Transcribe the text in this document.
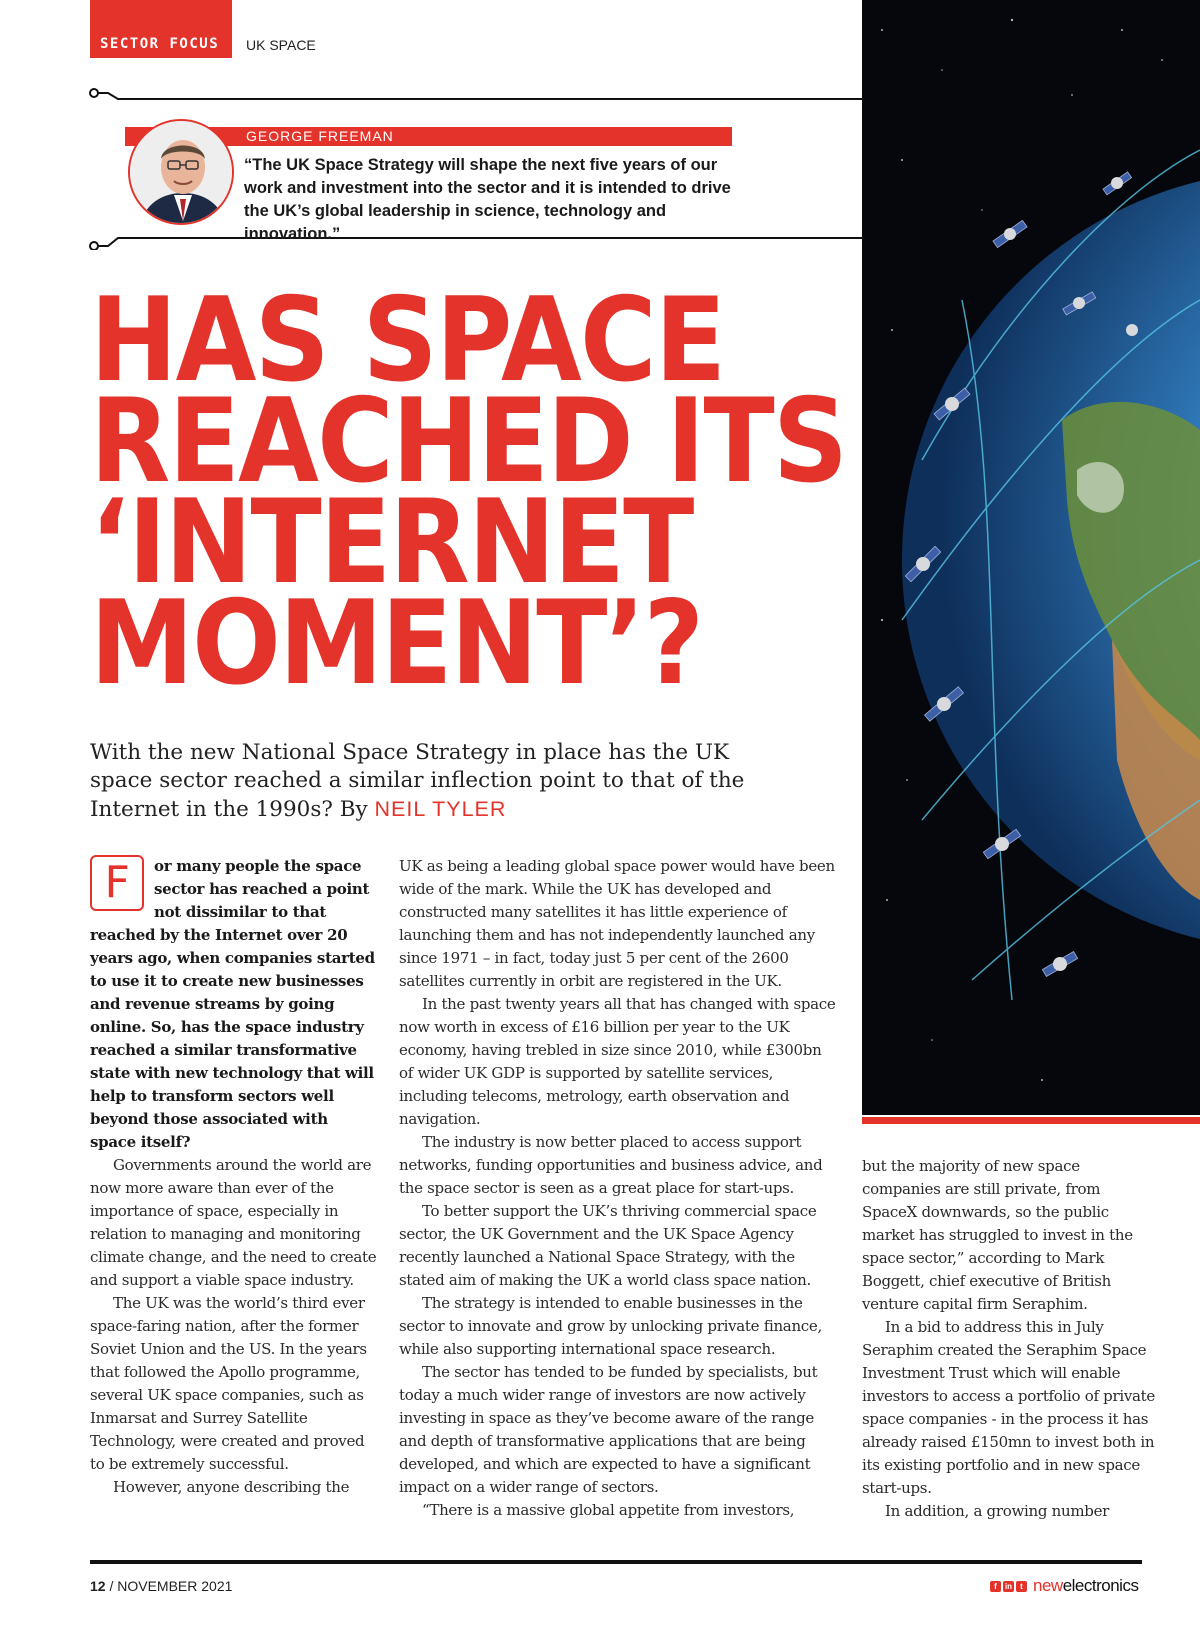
SECTOR FOCUS UK SPACE
GEORGE FREEMAN
“The UK Space Strategy will shape the next five years of our work and investment into the sector and it is intended to drive the UK’s global leadership in science, technology and innovation.”
HAS SPACE
REACHED ITS
‘INTERNET
MOMENT’?
With the new National Space Strategy in place has the UK space sector reached a similar inflection point to that of the Internet in the 1990s? By NEIL TYLER
F	or many people the space sector has reached a point not dissimilar to that reached by the Internet over 20 years ago, when companies started to use it to create new businesses and revenue streams by going online. So, has the space industry reached a similar transformative state with new technology that will help to transform sectors well beyond those associated with space itself?

Governments around the world are now more aware than ever of the importance of space, especially in relation to managing and monitoring climate change, and the need to create and support a viable space industry.

The UK was the world’s third ever space-faring nation, after the former Soviet Union and the US. In the years that followed the Apollo programme, several UK space companies, such as Inmarsat and Surrey Satellite Technology, were created and proved to be extremely successful.

However, anyone describing the

UK as being a leading global space power would have been wide of the mark. While the UK has developed and constructed many satellites it has little experience of launching them and has not independently launched any since 1971 – in fact, today just 5 per cent of the 2600 satellites currently in orbit are registered in the UK.

In the past twenty years all that has changed with space now worth in excess of £16 billion per year to the UK economy, having trebled in size since 2010, while £300bn of wider UK GDP is supported by satellite services, including telecoms, metrology, earth observation and navigation.

The industry is now better placed to access support networks, funding opportunities and business advice, and the space sector is seen as a great place for start-ups.

To better support the UK’s thriving commercial space sector, the UK Government and the UK Space Agency recently launched a National Space Strategy, with the stated aim of making the UK a world class space nation.

The strategy is intended to enable businesses in the sector to innovate and grow by unlocking private finance, while also supporting international space research.

The sector has tended to be funded by specialists, but today a much wider range of investors are now actively investing in space as they’ve become aware of the range and depth of transformative applications that are being developed, and which are expected to have a significant impact on a wider range of sectors.

“There is a massive global appetite from investors,

but the majority of new space companies are still private, from SpaceX downwards, so the public market has struggled to invest in the space sector,” according to Mark Boggett, chief executive of British venture capital firm Seraphim.

In a bid to address this in July Seraphim created the Seraphim Space Investment Trust which will enable investors to access a portfolio of private space companies - in the process it has already raised £150mn to invest both in its existing portfolio and in new space start-ups.

In addition, a growing number

12 / NOVEMBER 2021	f	in	t newelectronics
